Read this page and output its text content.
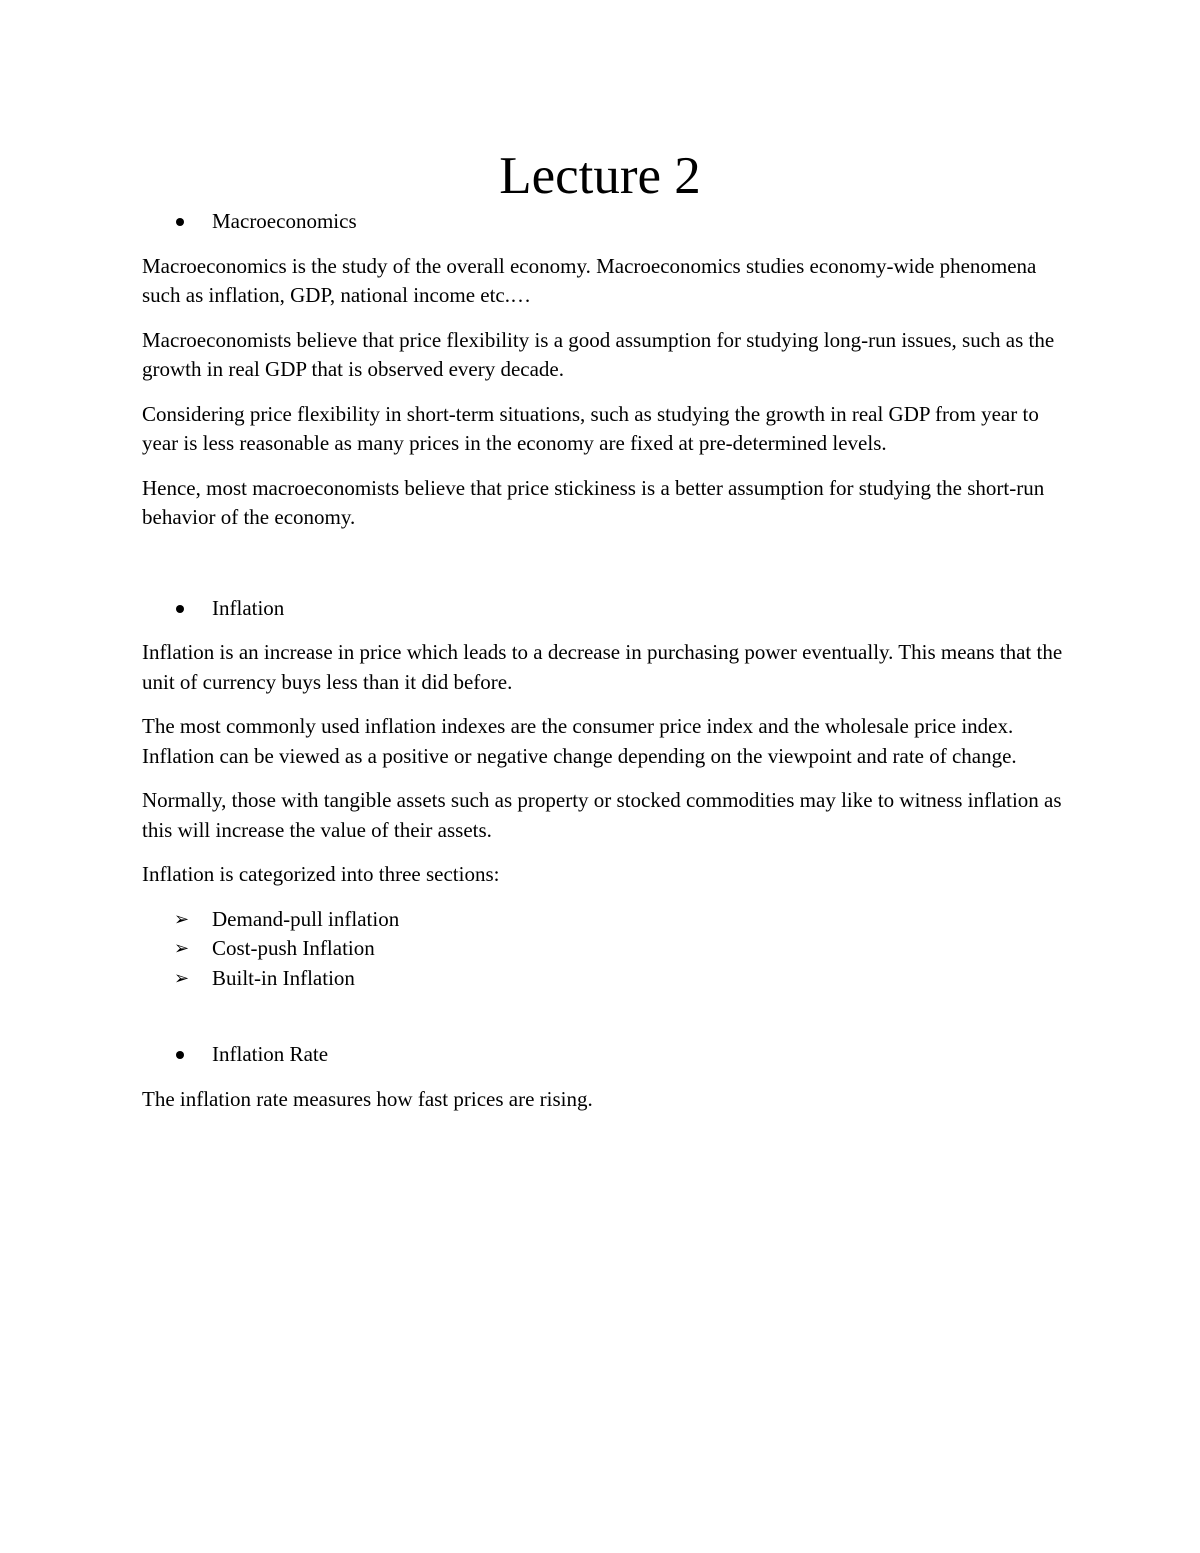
Lecture 2
Macroeconomics

Macroeconomics is the study of the overall economy. Macroeconomics studies economy-wide phenomena such as inflation, GDP, national income etc.…

Macroeconomists believe that price flexibility is a good assumption for studying long-run issues, such as the growth in real GDP that is observed every decade.

Considering price flexibility in short-term situations, such as studying the growth in real GDP from year to year is less reasonable as many prices in the economy are fixed at pre-determined levels.

Hence, most macroeconomists believe that price stickiness is a better assumption for studying the short-run behavior of the economy.

Inflation

Inflation is an increase in price which leads to a decrease in purchasing power eventually. This means that the unit of currency buys less than it did before.

The most commonly used inflation indexes are the consumer price index and the wholesale price index. Inflation can be viewed as a positive or negative change depending on the viewpoint and rate of change.

Normally, those with tangible assets such as property or stocked commodities may like to witness inflation as this will increase the value of their assets.

Inflation is categorized into three sections:

➢ Demand-pull inflation
➢ Cost-push Inflation
➢ Built-in Inflation
Inflation Rate

The inflation rate measures how fast prices are rising.
